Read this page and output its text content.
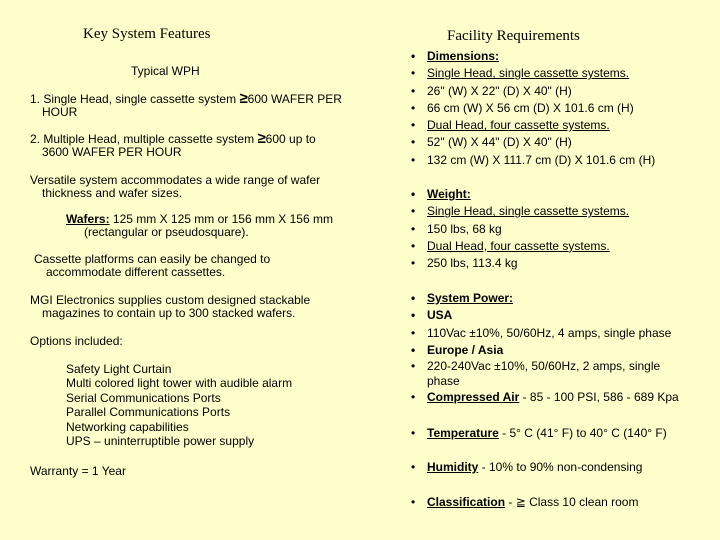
Key System Features
Typical WPH
1. Single Head, single cassette system ≥600 WAFER PER
HOUR
2. Multiple Head, multiple cassette system ≥600 up to
3600 WAFER PER HOUR
Versatile system accommodates a wide range of wafer
thickness and wafer sizes.
Wafers: 125 mm X 125 mm or 156 mm X 156 mm
(rectangular or pseudosquare).
Cassette platforms can easily be changed to
accommodate different cassettes.
MGI Electronics supplies custom designed stackable
magazines to contain up to 300 stacked wafers.
Options included:
Safety Light Curtain
Multi colored light tower with audible alarm
Serial Communications Ports
Parallel Communications Ports
Networking capabilities
UPS – uninterruptible power supply
Warranty = 1 Year
Facility Requirements
• Dimensions:
• Single Head, single cassette systems.
• 26" (W) X 22" (D) X 40" (H)
• 66 cm (W) X 56 cm (D) X 101.6 cm (H)
• Dual Head, four cassette systems.
• 52" (W) X 44" (D) X 40" (H)
• 132 cm (W) X 111.7 cm (D) X 101.6 cm (H)
• Weight:
• Single Head, single cassette systems.
• 150 lbs, 68 kg
• Dual Head, four cassette systems.
• 250 lbs, 113.4 kg
• System Power:
• USA
• 110Vac ±10%, 50/60Hz, 4 amps, single phase
• Europe / Asia
• 220-240Vac ±10%, 50/60Hz, 2 amps, single
phase
• Compressed Air - 85 - 100 PSI, 586 - 689 Kpa
• Temperature - 5° C (41° F) to 40° C (140° F)
• Humidity - 10% to 90% non-condensing
• Classification - ≧ Class 10 clean room
